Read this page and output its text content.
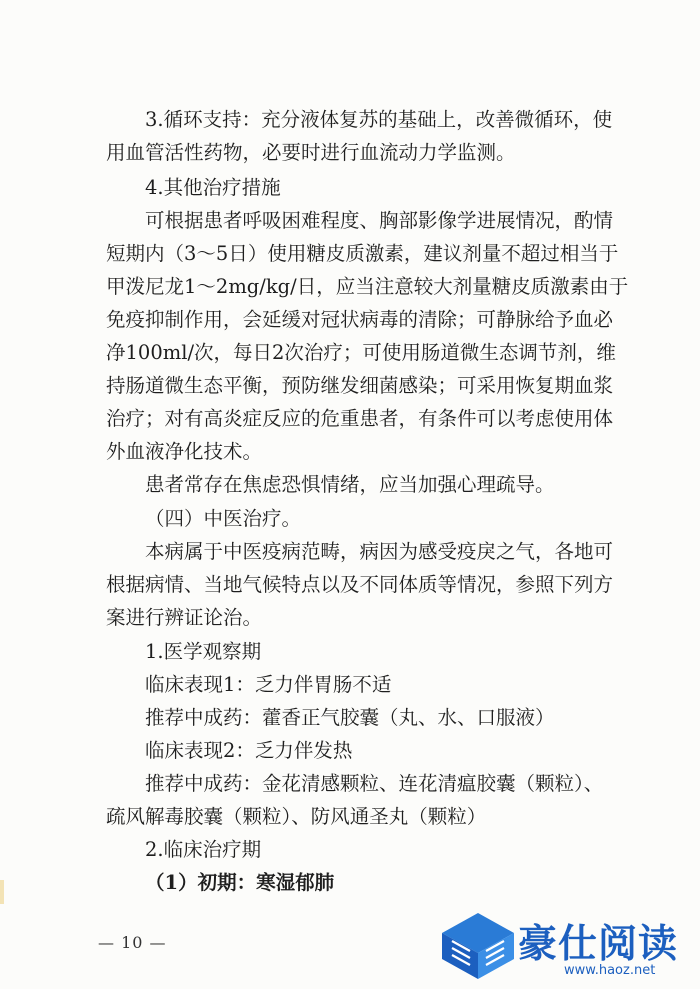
3.循环支持：充分液体复苏的基础上，改善微循环，使
用血管活性药物，必要时进行血流动力学监测。
4.其他治疗措施
可根据患者呼吸困难程度、胸部影像学进展情况，酌情
短期内（3～5日）使用糖皮质激素，建议剂量不超过相当于
甲泼尼龙1～2mg/kg/日，应当注意较大剂量糖皮质激素由于
免疫抑制作用，会延缓对冠状病毒的清除；可静脉给予血必
净100ml/次，每日2次治疗；可使用肠道微生态调节剂，维
持肠道微生态平衡，预防继发细菌感染；可采用恢复期血浆
治疗；对有高炎症反应的危重患者，有条件可以考虑使用体
外血液净化技术。
患者常存在焦虑恐惧情绪，应当加强心理疏导。
（四）中医治疗。
本病属于中医疫病范畴，病因为感受疫戾之气，各地可
根据病情、当地气候特点以及不同体质等情况，参照下列方
案进行辨证论治。
1.医学观察期
临床表现1：乏力伴胃肠不适
推荐中成药：藿香正气胶囊（丸、水、口服液）
临床表现2：乏力伴发热
推荐中成药：金花清感颗粒、连花清瘟胶囊（颗粒）、
疏风解毒胶囊（颗粒）、防风通圣丸（颗粒）
2.临床治疗期
（1）初期：寒湿郁肺
— 10 —	豪仕阅读
www.haoz.net
